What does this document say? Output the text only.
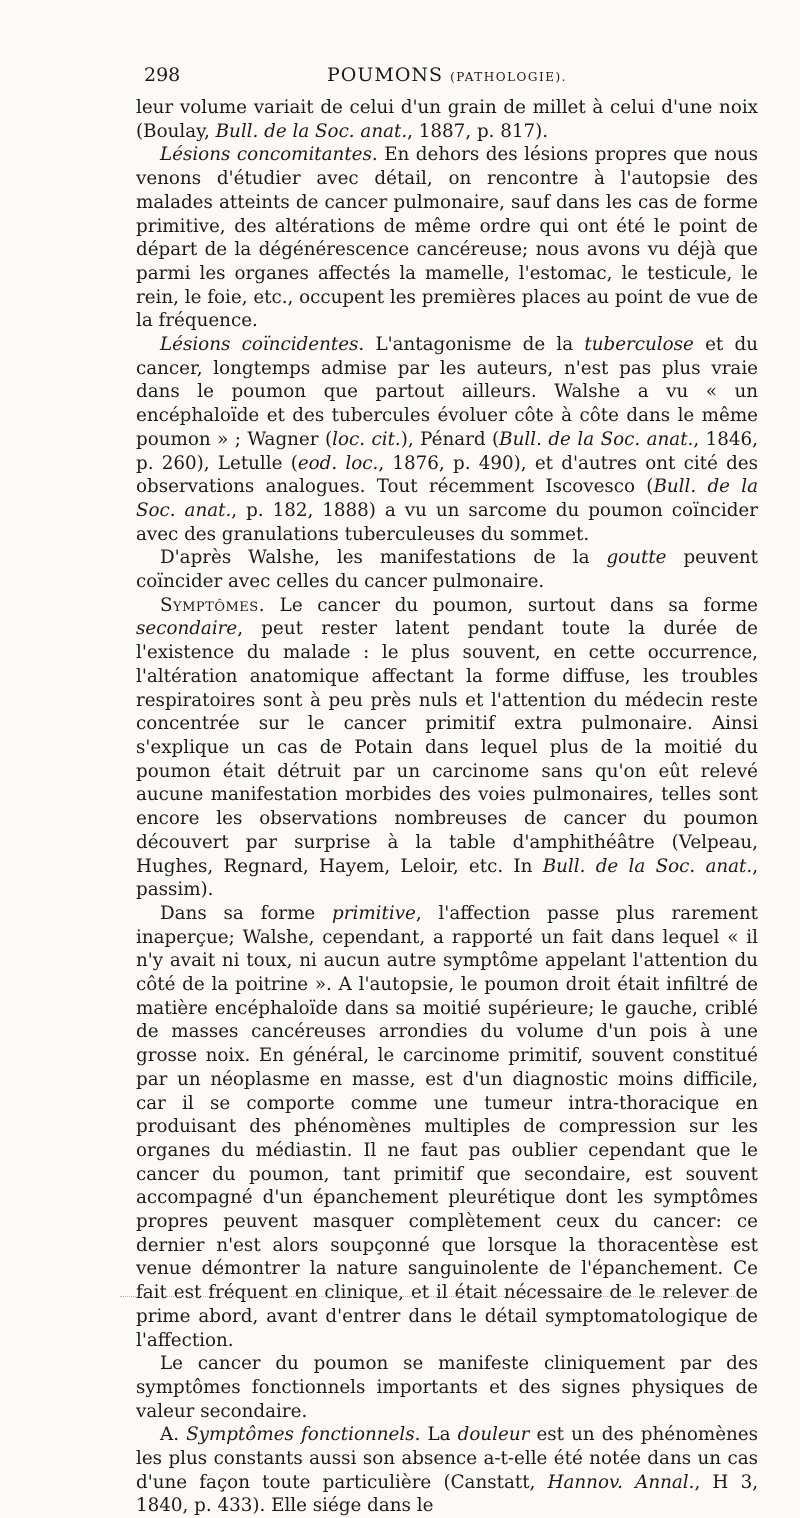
298	POUMONS (PATHOLOGIE).

leur volume variait de celui d'un grain de millet à celui d'une noix (Boulay, Bull. de la Soc. anat., 1887, p. 817).

Lésions concomitantes. En dehors des lésions propres que nous venons d'étudier avec détail, on rencontre à l'autopsie des malades atteints de cancer pulmonaire, sauf dans les cas de forme primitive, des altérations de même ordre qui ont été le point de départ de la dégénérescence cancéreuse; nous avons vu déjà que parmi les organes affectés la mamelle, l'estomac, le testicule, le rein, le foie, etc., occupent les premières places au point de vue de la fréquence.

Lésions coïncidentes. L'antagonisme de la tuberculose et du cancer, longtemps admise par les auteurs, n'est pas plus vraie dans le poumon que partout ailleurs. Walshe a vu « un encéphaloïde et des tubercules évoluer côte à côte dans le même poumon » ; Wagner (loc. cit.), Pénard (Bull. de la Soc. anat., 1846, p. 260), Letulle (eod. loc., 1876, p. 490), et d'autres ont cité des observations analogues. Tout récemment Iscovesco (Bull. de la Soc. anat., p. 182, 1888) a vu un sarcome du poumon coïncider avec des granulations tuberculeuses du sommet.

D'après Walshe, les manifestations de la goutte peuvent coïncider avec celles du cancer pulmonaire.

Symptômes. Le cancer du poumon, surtout dans sa forme secondaire, peut rester latent pendant toute la durée de l'existence du malade : le plus souvent, en cette occurrence, l'altération anatomique affectant la forme diffuse, les troubles respiratoires sont à peu près nuls et l'attention du médecin reste concentrée sur le cancer primitif extra pulmonaire. Ainsi s'explique un cas de Potain dans lequel plus de la moitié du poumon était détruit par un carcinome sans qu'on eût relevé aucune manifestation morbides des voies pulmonaires, telles sont encore les observations nombreuses de cancer du poumon découvert par surprise à la table d'amphithéâtre (Velpeau, Hughes, Regnard, Hayem, Leloir, etc. In Bull. de la Soc. anat., passim).

Dans sa forme primitive, l'affection passe plus rarement inaperçue; Walshe, cependant, a rapporté un fait dans lequel « il n'y avait ni toux, ni aucun autre symptôme appelant l'attention du côté de la poitrine ». A l'autopsie, le poumon droit était infiltré de matière encéphaloïde dans sa moitié supérieure; le gauche, criblé de masses cancéreuses arrondies du volume d'un pois à une grosse noix. En général, le carcinome primitif, souvent constitué par un néoplasme en masse, est d'un diagnostic moins difficile, car il se comporte comme une tumeur intra-thoracique en produisant des phénomènes multiples de compression sur les organes du médiastin. Il ne faut pas oublier cependant que le cancer du poumon, tant primitif que secondaire, est souvent accompagné d'un épanchement pleurétique dont les symptômes propres peuvent masquer complètement ceux du cancer: ce dernier n'est alors soupçonné que lorsque la thoracentèse est venue démontrer la nature sanguinolente de l'épanchement. Ce fait est fréquent en clinique, et il était nécessaire de le relever de prime abord, avant d'entrer dans le détail symptomatologique de l'affection.

Le cancer du poumon se manifeste cliniquement par des symptômes fonctionnels importants et des signes physiques de valeur secondaire.

A. Symptômes fonctionnels. La douleur est un des phénomènes les plus constants aussi son absence a-t-elle été notée dans un cas d'une façon toute particulière (Canstatt, Hannov. Annal., H 3, 1840, p. 433). Elle siége dans le
